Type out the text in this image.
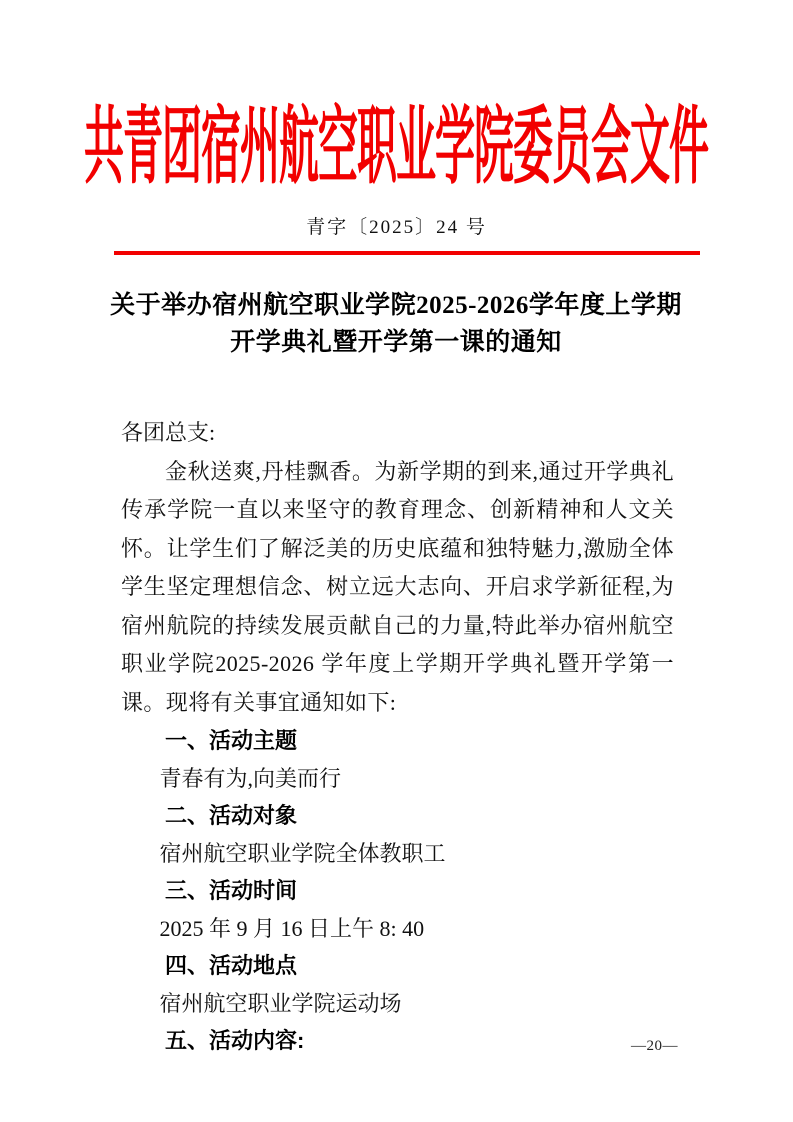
共青团宿州航空职业学院委员会文件
青字〔2025〕24 号
关于举办宿州航空职业学院2025-2026学年度上学期
开学典礼暨开学第一课的通知
各团总支:

金秋送爽,丹桂飘香。为新学期的到来,通过开学典礼传承学院一直以来坚守的教育理念、创新精神和人文关怀。让学生们了解泛美的历史底蕴和独特魅力,激励全体学生坚定理想信念、树立远大志向、开启求学新征程,为宿州航院的持续发展贡献自己的力量,特此举办宿州航空职业学院2025-2026 学年度上学期开学典礼暨开学第一课。现将有关事宜通知如下:

一、活动主题
青春有为,向美而行
二、活动对象
宿州航空职业学院全体教职工
三、活动时间
2025 年 9 月 16 日上午 8: 40
四、活动地点
宿州航空职业学院运动场
五、活动内容:	—20—
